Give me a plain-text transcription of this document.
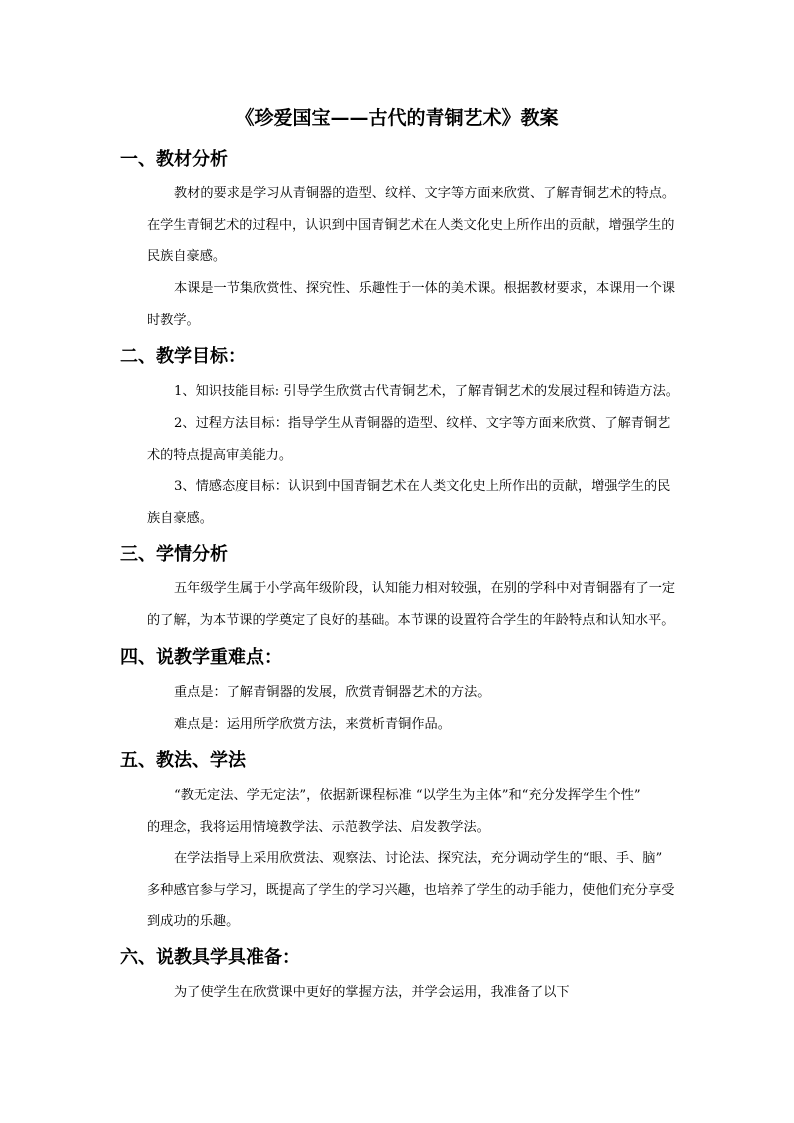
《珍爱国宝——古代的青铜艺术》教案
一、教材分析
教材的要求是学习从青铜器的造型、纹样、文字等方面来欣赏、了解青铜艺术的特点。
在学生青铜艺术的过程中，认识到中国青铜艺术在人类文化史上所作出的贡献，增强学生的
民族自豪感。
本课是一节集欣赏性、探究性、乐趣性于一体的美术课。根据教材要求，本课用一个课
时教学。
二、教学目标：
1、知识技能目标: 引导学生欣赏古代青铜艺术，了解青铜艺术的发展过程和铸造方法。
2、过程方法目标：指导学生从青铜器的造型、纹样、文字等方面来欣赏、了解青铜艺
术的特点提高审美能力。
3、情感态度目标：认识到中国青铜艺术在人类文化史上所作出的贡献，增强学生的民
族自豪感。
三、学情分析
五年级学生属于小学高年级阶段，认知能力相对较强，在别的学科中对青铜器有了一定
的了解，为本节课的学奠定了良好的基础。本节课的设置符合学生的年龄特点和认知水平。
四、说教学重难点：
重点是：了解青铜器的发展，欣赏青铜器艺术的方法。
难点是：运用所学欣赏方法，来赏析青铜作品。
五、教法、学法
“教无定法、学无定法”，依据新课程标准 “以学生为主体”和“充分发挥学生个性”
的理念，我将运用情境教学法、示范教学法、启发教学法。
在学法指导上采用欣赏法、观察法、讨论法、探究法，充分调动学生的“眼、手、脑”
多种感官参与学习，既提高了学生的学习兴趣，也培养了学生的动手能力，使他们充分享受
到成功的乐趣。
六、说教具学具准备：
为了使学生在欣赏课中更好的掌握方法，并学会运用，我准备了以下
